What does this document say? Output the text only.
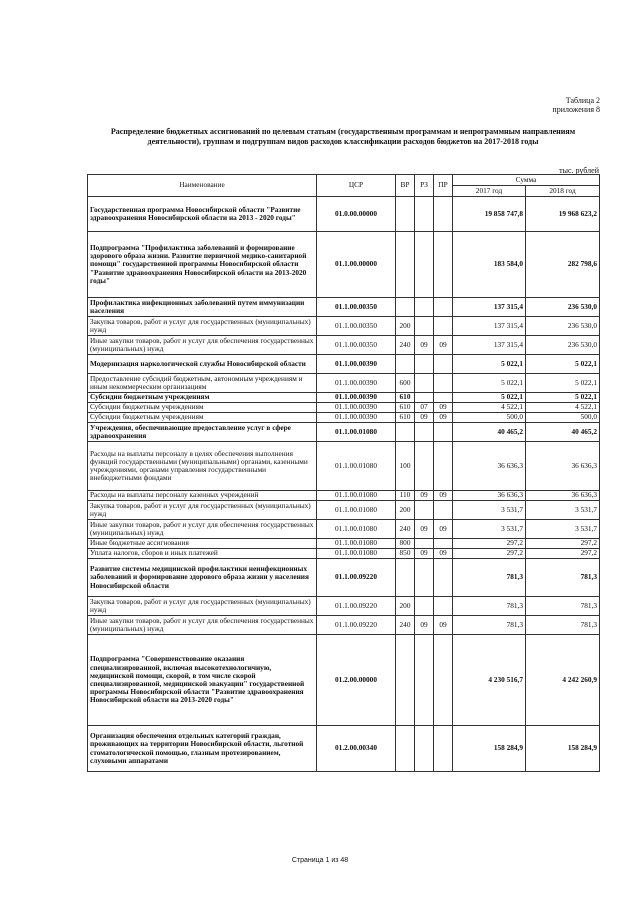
Таблица 2
приложения 8
Распределение бюджетных ассигнований по целевым статьям (государственным программам и непрограммным направлениям деятельности), группам и подгруппам видов расходов классификации расходов бюджетов на 2017-2018 годы
тыс. рублей
Наименование	ЦСР	ВР	РЗ	ПР	Сумма	
					2017 год	2018 год
Государственная программа Новосибирской области "Развитие здравоохранения Новосибирской области на 2013 - 2020 годы"	01.0.00.00000				19 858 747,8	19 968 623,2
Подпрограмма "Профилактика заболеваний и формирование здорового образа жизни. Развитие первичной медико-санитарной помощи" государственной программы Новосибирской области "Развитие здравоохранения Новосибирской области на 2013-2020 годы"	01.1.00.00000				183 584,0	282 798,6
Профилактика инфекционных заболеваний путем иммунизации населения	01.1.00.00350				137 315,4	236 530,0
Закупка товаров, работ и услуг для государственных (муниципальных) нужд	01.1.00.00350	200			137 315,4	236 530,0
Иные закупки товаров, работ и услуг для обеспечения государственных (муниципальных) нужд	01.1.00.00350	240	09	09	137 315,4	236 530,0
Модернизация наркологической службы Новосибирской области	01.1.00.00390				5 022,1	5 022,1
Предоставление субсидий бюджетным, автономным учреждениям и иным некоммерческим организациям	01.1.00.00390	600			5 022,1	5 022,1
Субсидии бюджетным учреждениям	01.1.00.00390	610			5 022,1	5 022,1
Субсидии бюджетным учреждениям	01.1.00.00390	610	07	09	4 522,1	4 522,1
Субсидии бюджетным учреждениям	01.1.00.00390	610	09	09	500,0	500,0
Учреждения, обеспечивающие предоставление услуг в сфере здравоохранения	01.1.00.01080				40 465,2	40 465,2
Расходы на выплаты персоналу в целях обеспечения выполнения функций государственными (муниципальными) органами, казенными учреждениями, органами управления государственными внебюджетными фондами	01.1.00.01080	100			36 636,3	36 636,3
Расходы на выплаты персоналу казенных учреждений	01.1.00.01080	110	09	09	36 636,3	36 636,3
Закупка товаров, работ и услуг для государственных (муниципальных) нужд	01.1.00.01080	200			3 531,7	3 531,7
Иные закупки товаров, работ и услуг для обеспечения государственных (муниципальных) нужд	01.1.00.01080	240	09	09	3 531,7	3 531,7
Иные бюджетные ассигнования	01.1.00.01080	800			297,2	297,2
Уплата налогов, сборов и иных платежей	01.1.00.01080	850	09	09	297,2	297,2
Развитие системы медицинской профилактики неинфекционных заболеваний и формирование здорового образа жизни у населения Новосибирской области	01.1.00.09220				781,3	781,3
Закупка товаров, работ и услуг для государственных (муниципальных) нужд	01.1.00.09220	200			781,3	781,3
Иные закупки товаров, работ и услуг для обеспечения государственных (муниципальных) нужд	01.1.00.09220	240	09	09	781,3	781,3
Подпрограмма "Совершенствование оказания специализированной, включая высокотехнологичную, медицинской помощи, скорой, в том числе скорой специализированной, медицинской эвакуации" государственной программы Новосибирской области "Развитие здравоохранения Новосибирской области на 2013-2020 годы"	01.2.00.00000				4 230 516,7	4 242 260,9
Организация обеспечения отдельных категорий граждан, проживающих на территории Новосибирской области, льготной стоматологической помощью, глазным протезированием, слуховыми аппаратами	01.2.00.00340				158 284,9	158 284,9
Страница 1 из 48
